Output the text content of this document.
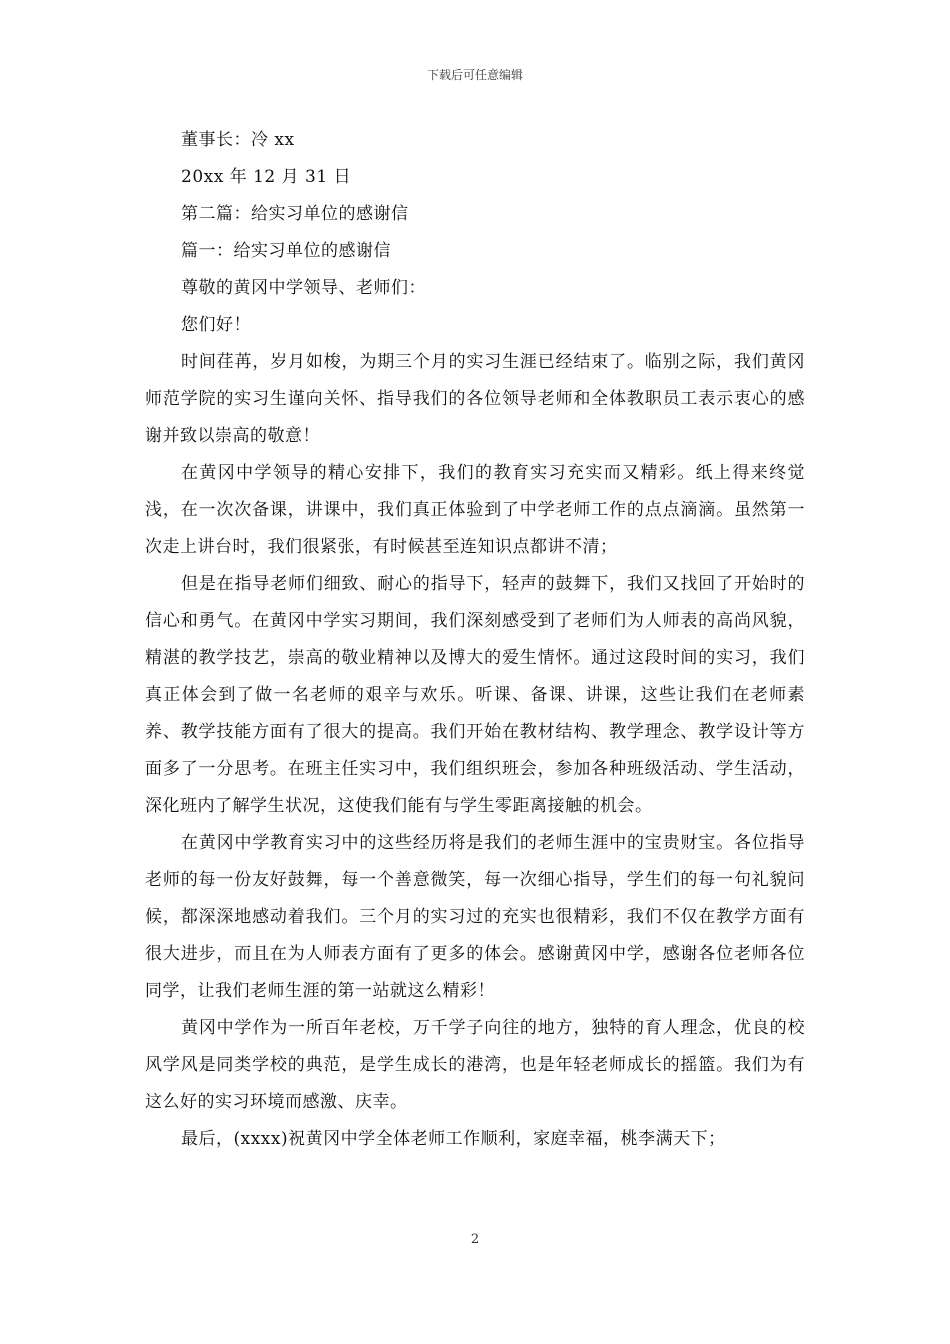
下载后可任意编辑

董事长：冷 xx

20xx 年 12 月 31 日

第二篇：给实习单位的感谢信

篇一：给实习单位的感谢信

尊敬的黄冈中学领导、老师们：

您们好！

时间荏苒，岁月如梭，为期三个月的实习生涯已经结束了。临别之际，我们黄冈师范学院的实习生谨向关怀、指导我们的各位领导老师和全体教职员工表示衷心的感谢并致以崇高的敬意！

在黄冈中学领导的精心安排下，我们的教育实习充实而又精彩。纸上得来终觉浅，在一次次备课，讲课中，我们真正体验到了中学老师工作的点点滴滴。虽然第一次走上讲台时，我们很紧张，有时候甚至连知识点都讲不清；

但是在指导老师们细致、耐心的指导下，轻声的鼓舞下，我们又找回了开始时的信心和勇气。在黄冈中学实习期间，我们深刻感受到了老师们为人师表的高尚风貌，精湛的教学技艺，崇高的敬业精神以及博大的爱生情怀。通过这段时间的实习，我们真正体会到了做一名老师的艰辛与欢乐。听课、备课、讲课，这些让我们在老师素养、教学技能方面有了很大的提高。我们开始在教材结构、教学理念、教学设计等方面多了一分思考。在班主任实习中，我们组织班会，参加各种班级活动、学生活动，深化班内了解学生状况，这使我们能有与学生零距离接触的机会。

在黄冈中学教育实习中的这些经历将是我们的老师生涯中的宝贵财宝。各位指导老师的每一份友好鼓舞，每一个善意微笑，每一次细心指导，学生们的每一句礼貌问候，都深深地感动着我们。三个月的实习过的充实也很精彩，我们不仅在教学方面有很大进步，而且在为人师表方面有了更多的体会。感谢黄冈中学，感谢各位老师各位同学，让我们老师生涯的第一站就这么精彩！

黄冈中学作为一所百年老校，万千学子向往的地方，独特的育人理念，优良的校风学风是同类学校的典范，是学生成长的港湾，也是年轻老师成长的摇篮。我们为有这么好的实习环境而感激、庆幸。

最后，(xxxx)祝黄冈中学全体老师工作顺利，家庭幸福，桃李满天下；

2
